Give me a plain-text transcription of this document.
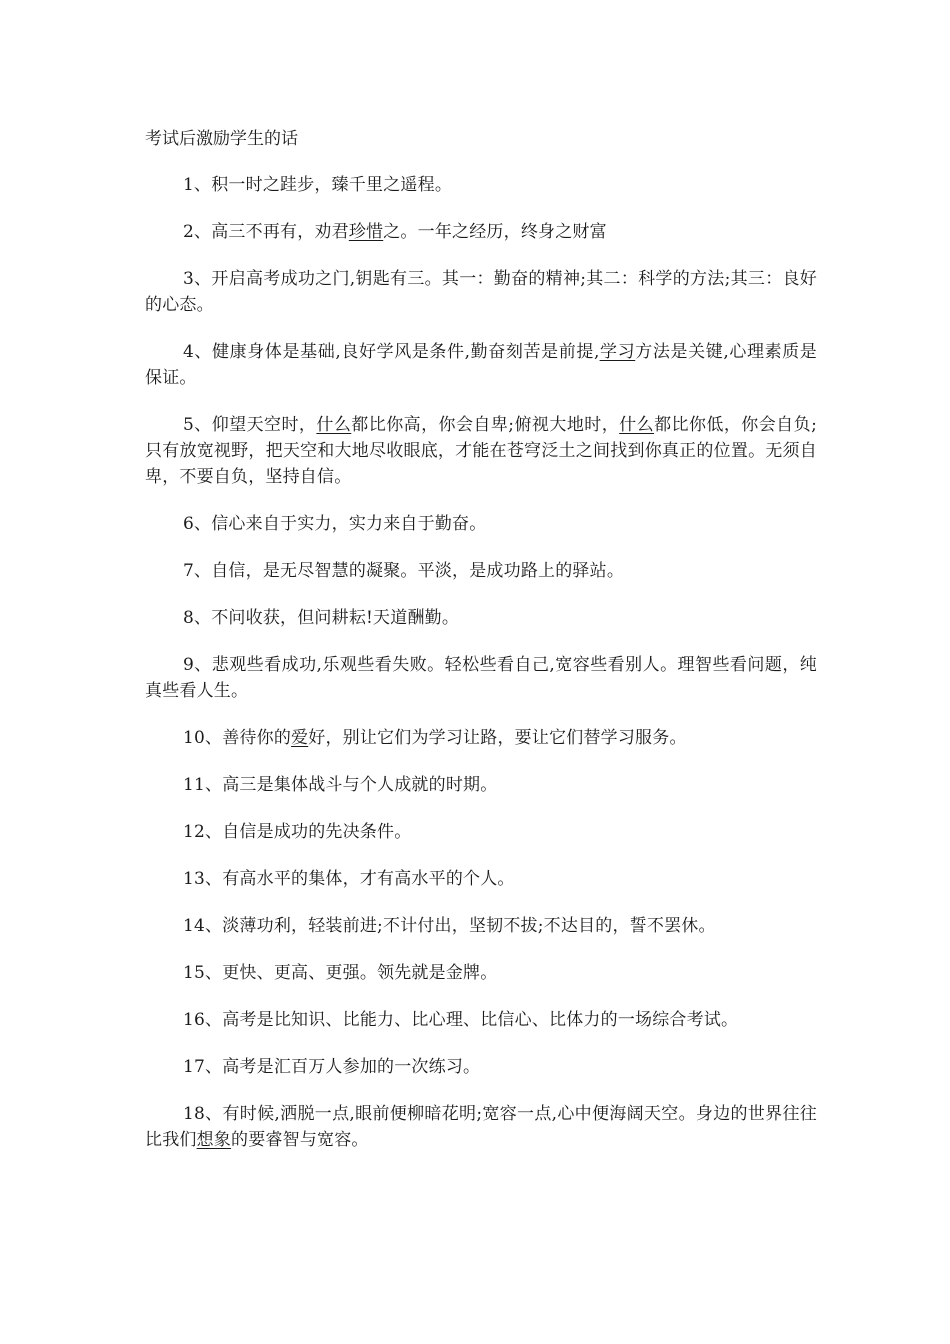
考试后激励学生的话

1、积一时之跬步，臻千里之遥程。

2、高三不再有，劝君珍惜之。一年之经历，终身之财富

3、开启高考成功之门,钥匙有三。其一：勤奋的精神;其二：科学的方法;其三：良好的心态。

4、健康身体是基础,良好学风是条件,勤奋刻苦是前提,学习方法是关键,心理素质是保证。

5、仰望天空时，什么都比你高，你会自卑;俯视大地时，什么都比你低，你会自负;只有放宽视野，把天空和大地尽收眼底，才能在苍穹泛土之间找到你真正的位置。无须自卑，不要自负，坚持自信。

6、信心来自于实力，实力来自于勤奋。

7、自信，是无尽智慧的凝聚。平淡，是成功路上的驿站。

8、不问收获，但问耕耘!天道酬勤。

9、悲观些看成功,乐观些看失败。轻松些看自己,宽容些看别人。理智些看问题，纯真些看人生。

10、善待你的爱好，别让它们为学习让路，要让它们替学习服务。

11、高三是集体战斗与个人成就的时期。

12、自信是成功的先决条件。

13、有高水平的集体，才有高水平的个人。

14、淡薄功利，轻装前进;不计付出，坚韧不拔;不达目的，誓不罢休。

15、更快、更高、更强。领先就是金牌。

16、高考是比知识、比能力、比心理、比信心、比体力的一场综合考试。

17、高考是汇百万人参加的一次练习。

18、有时候,洒脱一点,眼前便柳暗花明;宽容一点,心中便海阔天空。身边的世界往往比我们想象的要睿智与宽容。
